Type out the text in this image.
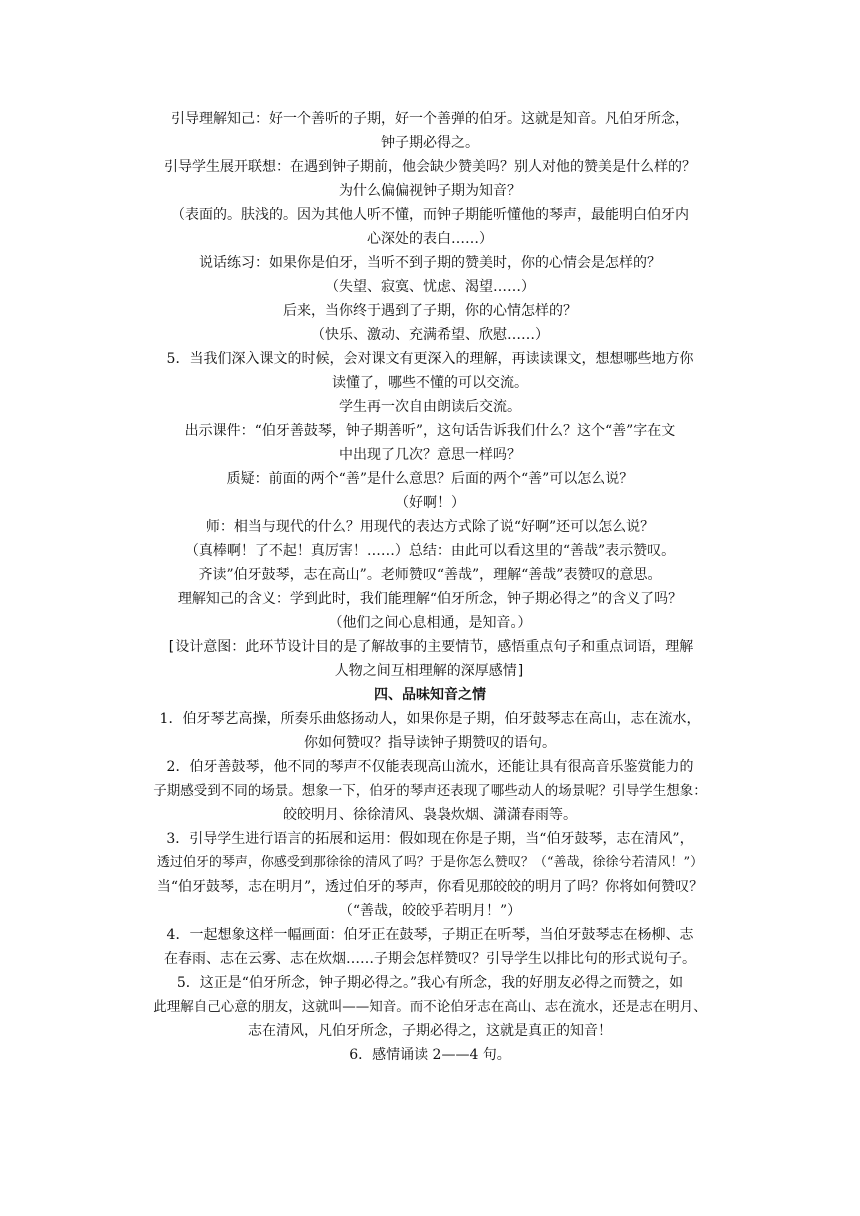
引导理解知己：好一个善听的子期，好一个善弹的伯牙。这就是知音。凡伯牙所念，
钟子期必得之。
引导学生展开联想：在遇到钟子期前，他会缺少赞美吗？别人对他的赞美是什么样的？
为什么偏偏视钟子期为知音？
（表面的。肤浅的。因为其他人听不懂，而钟子期能听懂他的琴声，最能明白伯牙内
心深处的表白……）
说话练习：如果你是伯牙，当听不到子期的赞美时，你的心情会是怎样的？
（失望、寂寞、忧虑、渴望……）
后来，当你终于遇到了子期，你的心情怎样的？
（快乐、激动、充满希望、欣慰……）
5．当我们深入课文的时候，会对课文有更深入的理解，再读读课文，想想哪些地方你
读懂了，哪些不懂的可以交流。
学生再一次自由朗读后交流。
出示课件：“伯牙善鼓琴，钟子期善听”，这句话告诉我们什么？这个“善”字在文
中出现了几次？意思一样吗？
质疑：前面的两个“善”是什么意思？后面的两个“善”可以怎么说？
（好啊！）
师：相当与现代的什么？用现代的表达方式除了说“好啊”还可以怎么说？
（真棒啊！了不起！真厉害！……）总结：由此可以看这里的“善哉”表示赞叹。
齐读”伯牙鼓琴，志在高山”。老师赞叹“善哉”，理解“善哉”表赞叹的意思。
理解知己的含义：学到此时，我们能理解“伯牙所念，钟子期必得之”的含义了吗？
（他们之间心息相通，是知音。）
[设计意图：此环节设计目的是了解故事的主要情节，感悟重点句子和重点词语，理解
人物之间互相理解的深厚感情]
四、品味知音之情
1．伯牙琴艺高操，所奏乐曲悠扬动人，如果你是子期，伯牙鼓琴志在高山，志在流水，
你如何赞叹？指导读钟子期赞叹的语句。
2．伯牙善鼓琴，他不同的琴声不仅能表现高山流水，还能让具有很高音乐鉴赏能力的
子期感受到不同的场景。想象一下，伯牙的琴声还表现了哪些动人的场景呢？引导学生想象：
皎皎明月、徐徐清风、袅袅炊烟、潇潇春雨等。
3．引导学生进行语言的拓展和运用：假如现在你是子期，当“伯牙鼓琴，志在清风”，
透过伯牙的琴声，你感受到那徐徐的清风了吗？于是你怎么赞叹？（“善哉，徐徐兮若清风！”）
当“伯牙鼓琴，志在明月”，透过伯牙的琴声，你看见那皎皎的明月了吗？你将如何赞叹？
（“善哉，皎皎乎若明月！”）
4．一起想象这样一幅画面：伯牙正在鼓琴，子期正在听琴，当伯牙鼓琴志在杨柳、志
在春雨、志在云雾、志在炊烟……子期会怎样赞叹？引导学生以排比句的形式说句子。
5．这正是“伯牙所念，钟子期必得之。”我心有所念，我的好朋友必得之而赞之，如
此理解自己心意的朋友，这就叫——知音。而不论伯牙志在高山、志在流水，还是志在明月、
志在清风，凡伯牙所念，子期必得之，这就是真正的知音！
6．感情诵读 2——4 句。
